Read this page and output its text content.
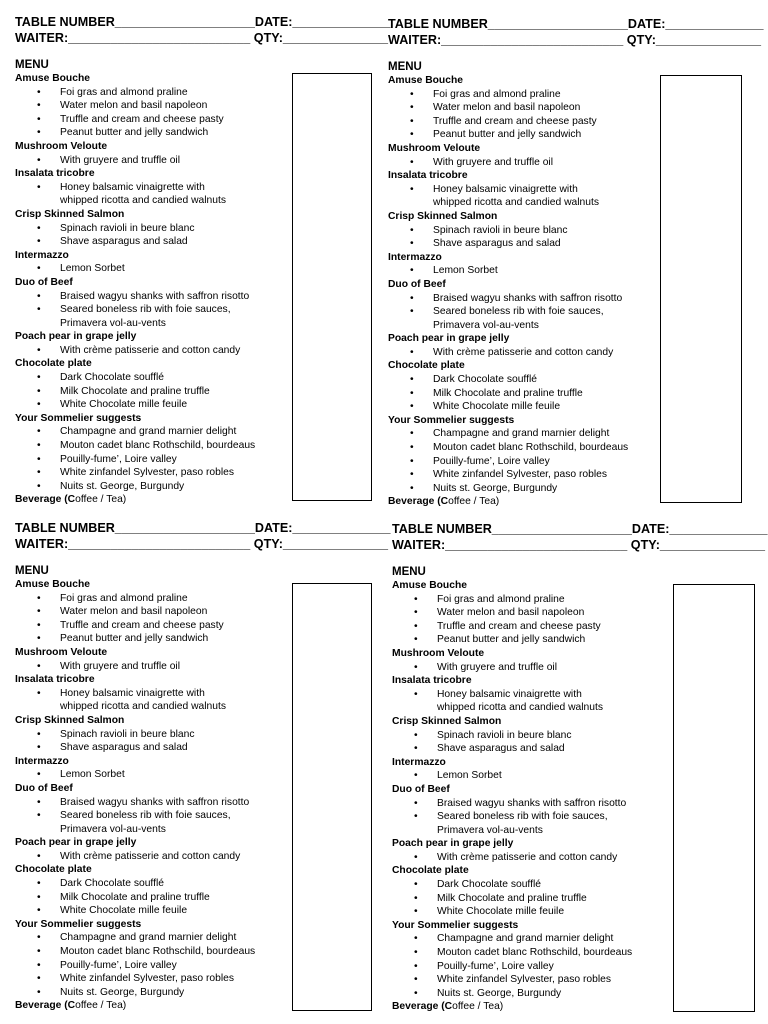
TABLE NUMBER____________________DATE:______________
WAITER:__________________________ QTY:_______________
MENU
Amuse Bouche
• Foi gras and almond praline
• Water melon and basil napoleon
• Truffle and cream and cheese pasty
• Peanut butter and jelly sandwich
Mushroom Veloute
• With gruyere and truffle oil
Insalata tricobre
• Honey balsamic vinaigrette with
whipped ricotta and candied walnuts
Crisp Skinned Salmon
• Spinach ravioli in beure blanc
• Shave asparagus and salad
Intermazzo
• Lemon Sorbet
Duo of Beef
• Braised wagyu shanks with saffron risotto
• Seared boneless rib with foie sauces,
Primavera vol-au-vents
Poach pear in grape jelly
• With crème patisserie and cotton candy
Chocolate plate
• Dark Chocolate soufflé
• Milk Chocolate and praline truffle
• White Chocolate mille feuile
Your Sommelier suggests
• Champagne and grand marnier delight
• Mouton cadet blanc Rothschild, bourdeaus
• Pouilly-fume’, Loire valley
• White zinfandel Sylvester, paso robles
• Nuits st. George, Burgundy
Beverage (Coffee / Tea)
TABLE NUMBER____________________DATE:______________
WAITER:__________________________ QTY:_______________
MENU
Amuse Bouche
• Foi gras and almond praline
• Water melon and basil napoleon
• Truffle and cream and cheese pasty
• Peanut butter and jelly sandwich
Mushroom Veloute
• With gruyere and truffle oil
Insalata tricobre
• Honey balsamic vinaigrette with
whipped ricotta and candied walnuts
Crisp Skinned Salmon
• Spinach ravioli in beure blanc
• Shave asparagus and salad
Intermazzo
• Lemon Sorbet
Duo of Beef
• Braised wagyu shanks with saffron risotto
• Seared boneless rib with foie sauces,
Primavera vol-au-vents
Poach pear in grape jelly
• With crème patisserie and cotton candy
Chocolate plate
• Dark Chocolate soufflé
• Milk Chocolate and praline truffle
• White Chocolate mille feuile
Your Sommelier suggests
• Champagne and grand marnier delight
• Mouton cadet blanc Rothschild, bourdeaus
• Pouilly-fume’, Loire valley
• White zinfandel Sylvester, paso robles
• Nuits st. George, Burgundy
Beverage (Coffee / Tea)
TABLE NUMBER____________________DATE:______________
WAITER:__________________________ QTY:_______________
MENU
Amuse Bouche
• Foi gras and almond praline
• Water melon and basil napoleon
• Truffle and cream and cheese pasty
• Peanut butter and jelly sandwich
Mushroom Veloute
• With gruyere and truffle oil
Insalata tricobre
• Honey balsamic vinaigrette with
whipped ricotta and candied walnuts
Crisp Skinned Salmon
• Spinach ravioli in beure blanc
• Shave asparagus and salad
Intermazzo
• Lemon Sorbet
Duo of Beef
• Braised wagyu shanks with saffron risotto
• Seared boneless rib with foie sauces,
Primavera vol-au-vents
Poach pear in grape jelly
• With crème patisserie and cotton candy
Chocolate plate
• Dark Chocolate soufflé
• Milk Chocolate and praline truffle
• White Chocolate mille feuile
Your Sommelier suggests
• Champagne and grand marnier delight
• Mouton cadet blanc Rothschild, bourdeaus
• Pouilly-fume’, Loire valley
• White zinfandel Sylvester, paso robles
• Nuits st. George, Burgundy
Beverage (Coffee / Tea)
TABLE NUMBER____________________DATE:______________
WAITER:__________________________ QTY:_______________
MENU
Amuse Bouche
• Foi gras and almond praline
• Water melon and basil napoleon
• Truffle and cream and cheese pasty
• Peanut butter and jelly sandwich
Mushroom Veloute
• With gruyere and truffle oil
Insalata tricobre
• Honey balsamic vinaigrette with
whipped ricotta and candied walnuts
Crisp Skinned Salmon
• Spinach ravioli in beure blanc
• Shave asparagus and salad
Intermazzo
• Lemon Sorbet
Duo of Beef
• Braised wagyu shanks with saffron risotto
• Seared boneless rib with foie sauces,
Primavera vol-au-vents
Poach pear in grape jelly
• With crème patisserie and cotton candy
Chocolate plate
• Dark Chocolate soufflé
• Milk Chocolate and praline truffle
• White Chocolate mille feuile
Your Sommelier suggests
• Champagne and grand marnier delight
• Mouton cadet blanc Rothschild, bourdeaus
• Pouilly-fume’, Loire valley
• White zinfandel Sylvester, paso robles
• Nuits st. George, Burgundy
Beverage (Coffee / Tea)
